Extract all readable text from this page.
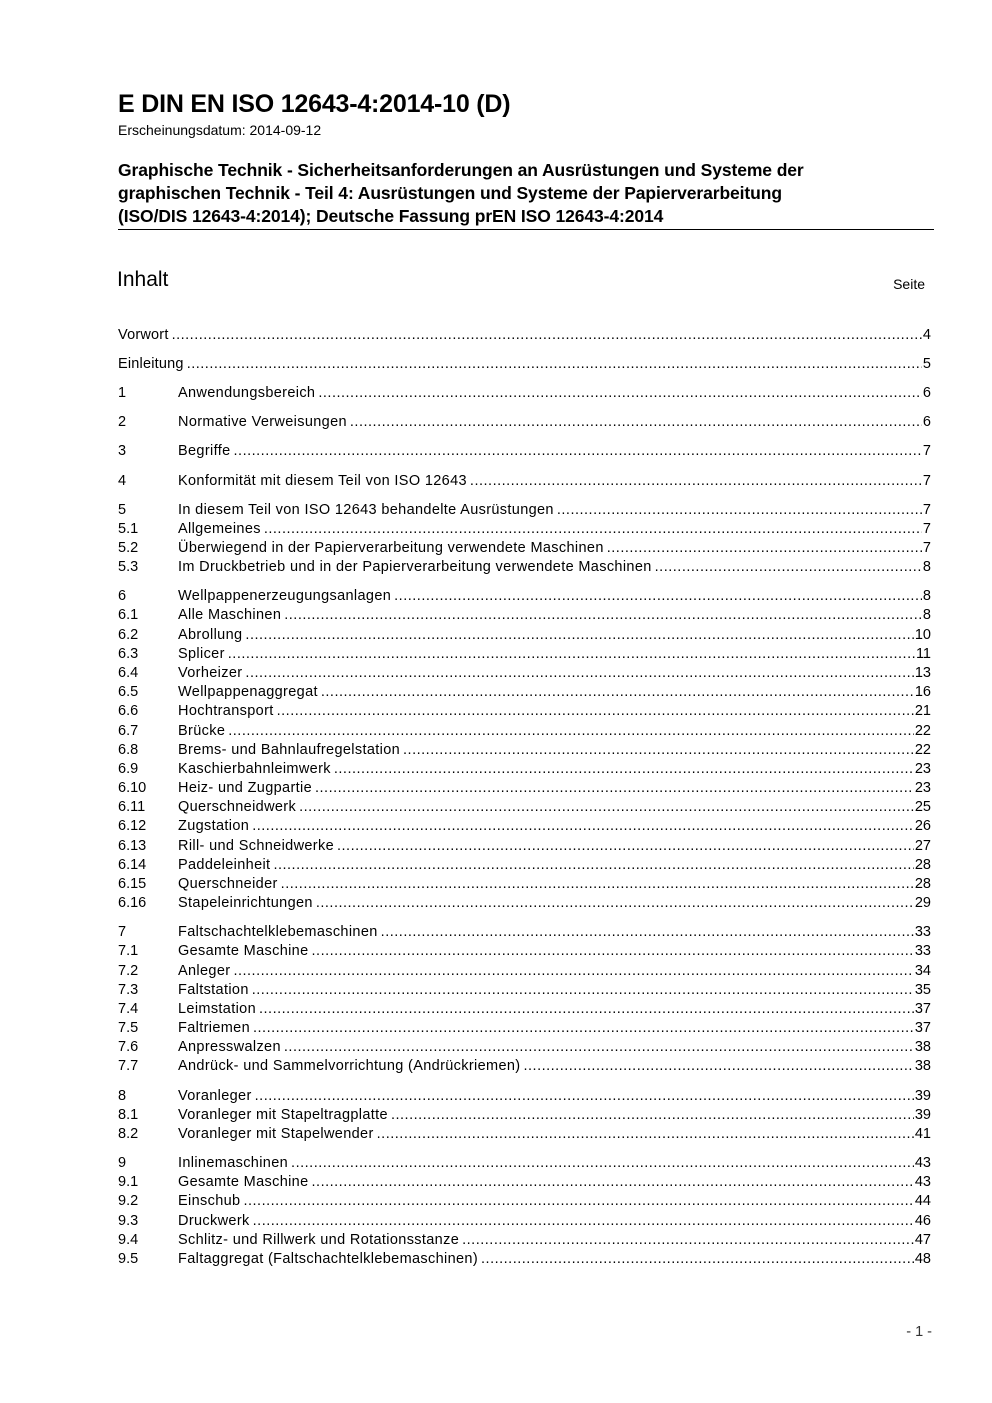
E DIN EN ISO 12643-4:2014-10 (D)
Erscheinungsdatum: 2014-09-12
Graphische Technik - Sicherheitsanforderungen an Ausrüstungen und Systeme der
graphischen Technik - Teil 4: Ausrüstungen und Systeme der Papierverarbeitung
(ISO/DIS 12643-4:2014); Deutsche Fassung prEN ISO 12643-4:2014
Inhalt	Seite
Vorwort .....	4
Einleitung .....	5
1	Anwendungsbereich .....	6
2	Normative Verweisungen .....	6
3	Begriffe .....	7
4	Konformität mit diesem Teil von ISO 12643 .....	7
5	In diesem Teil von ISO 12643 behandelte Ausrüstungen .....	7
5.1	Allgemeines .....	7
5.2	Überwiegend in der Papierverarbeitung verwendete Maschinen .....	7
5.3	Im Druckbetrieb und in der Papierverarbeitung verwendete Maschinen .....	8
6	Wellpappenerzeugungsanlagen .....	8
6.1	Alle Maschinen .....	8
6.2	Abrollung .....	10
6.3	Splicer .....	11
6.4	Vorheizer .....	13
6.5	Wellpappenaggregat .....	16
6.6	Hochtransport .....	21
6.7	Brücke .....	22
6.8	Brems- und Bahnlaufregelstation .....	22
6.9	Kaschierbahnleimwerk .....	23
6.10	Heiz- und Zugpartie .....	23
6.11	Querschneidwerk .....	25
6.12	Zugstation .....	26
6.13	Rill- und Schneidwerke .....	27
6.14	Paddeleinheit .....	28
6.15	Querschneider .....	28
6.16	Stapeleinrichtungen .....	29
7	Faltschachtelklebemaschinen .....	33
7.1	Gesamte Maschine .....	33
7.2	Anleger .....	34
7.3	Faltstation .....	35
7.4	Leimstation .....	37
7.5	Faltriemen .....	37
7.6	Anpresswalzen .....	38
7.7	Andrück- und Sammelvorrichtung (Andrückriemen) .....	38
8	Voranleger .....	39
8.1	Voranleger mit Stapeltragplatte .....	39
8.2	Voranleger mit Stapelwender .....	41
9	Inlinemaschinen .....	43
9.1	Gesamte Maschine .....	43
9.2	Einschub .....	44
9.3	Druckwerk .....	46
9.4	Schlitz- und Rillwerk und Rotationsstanze .....	47
9.5	Faltaggregat (Faltschachtelklebemaschinen) .....	48
- 1 -
